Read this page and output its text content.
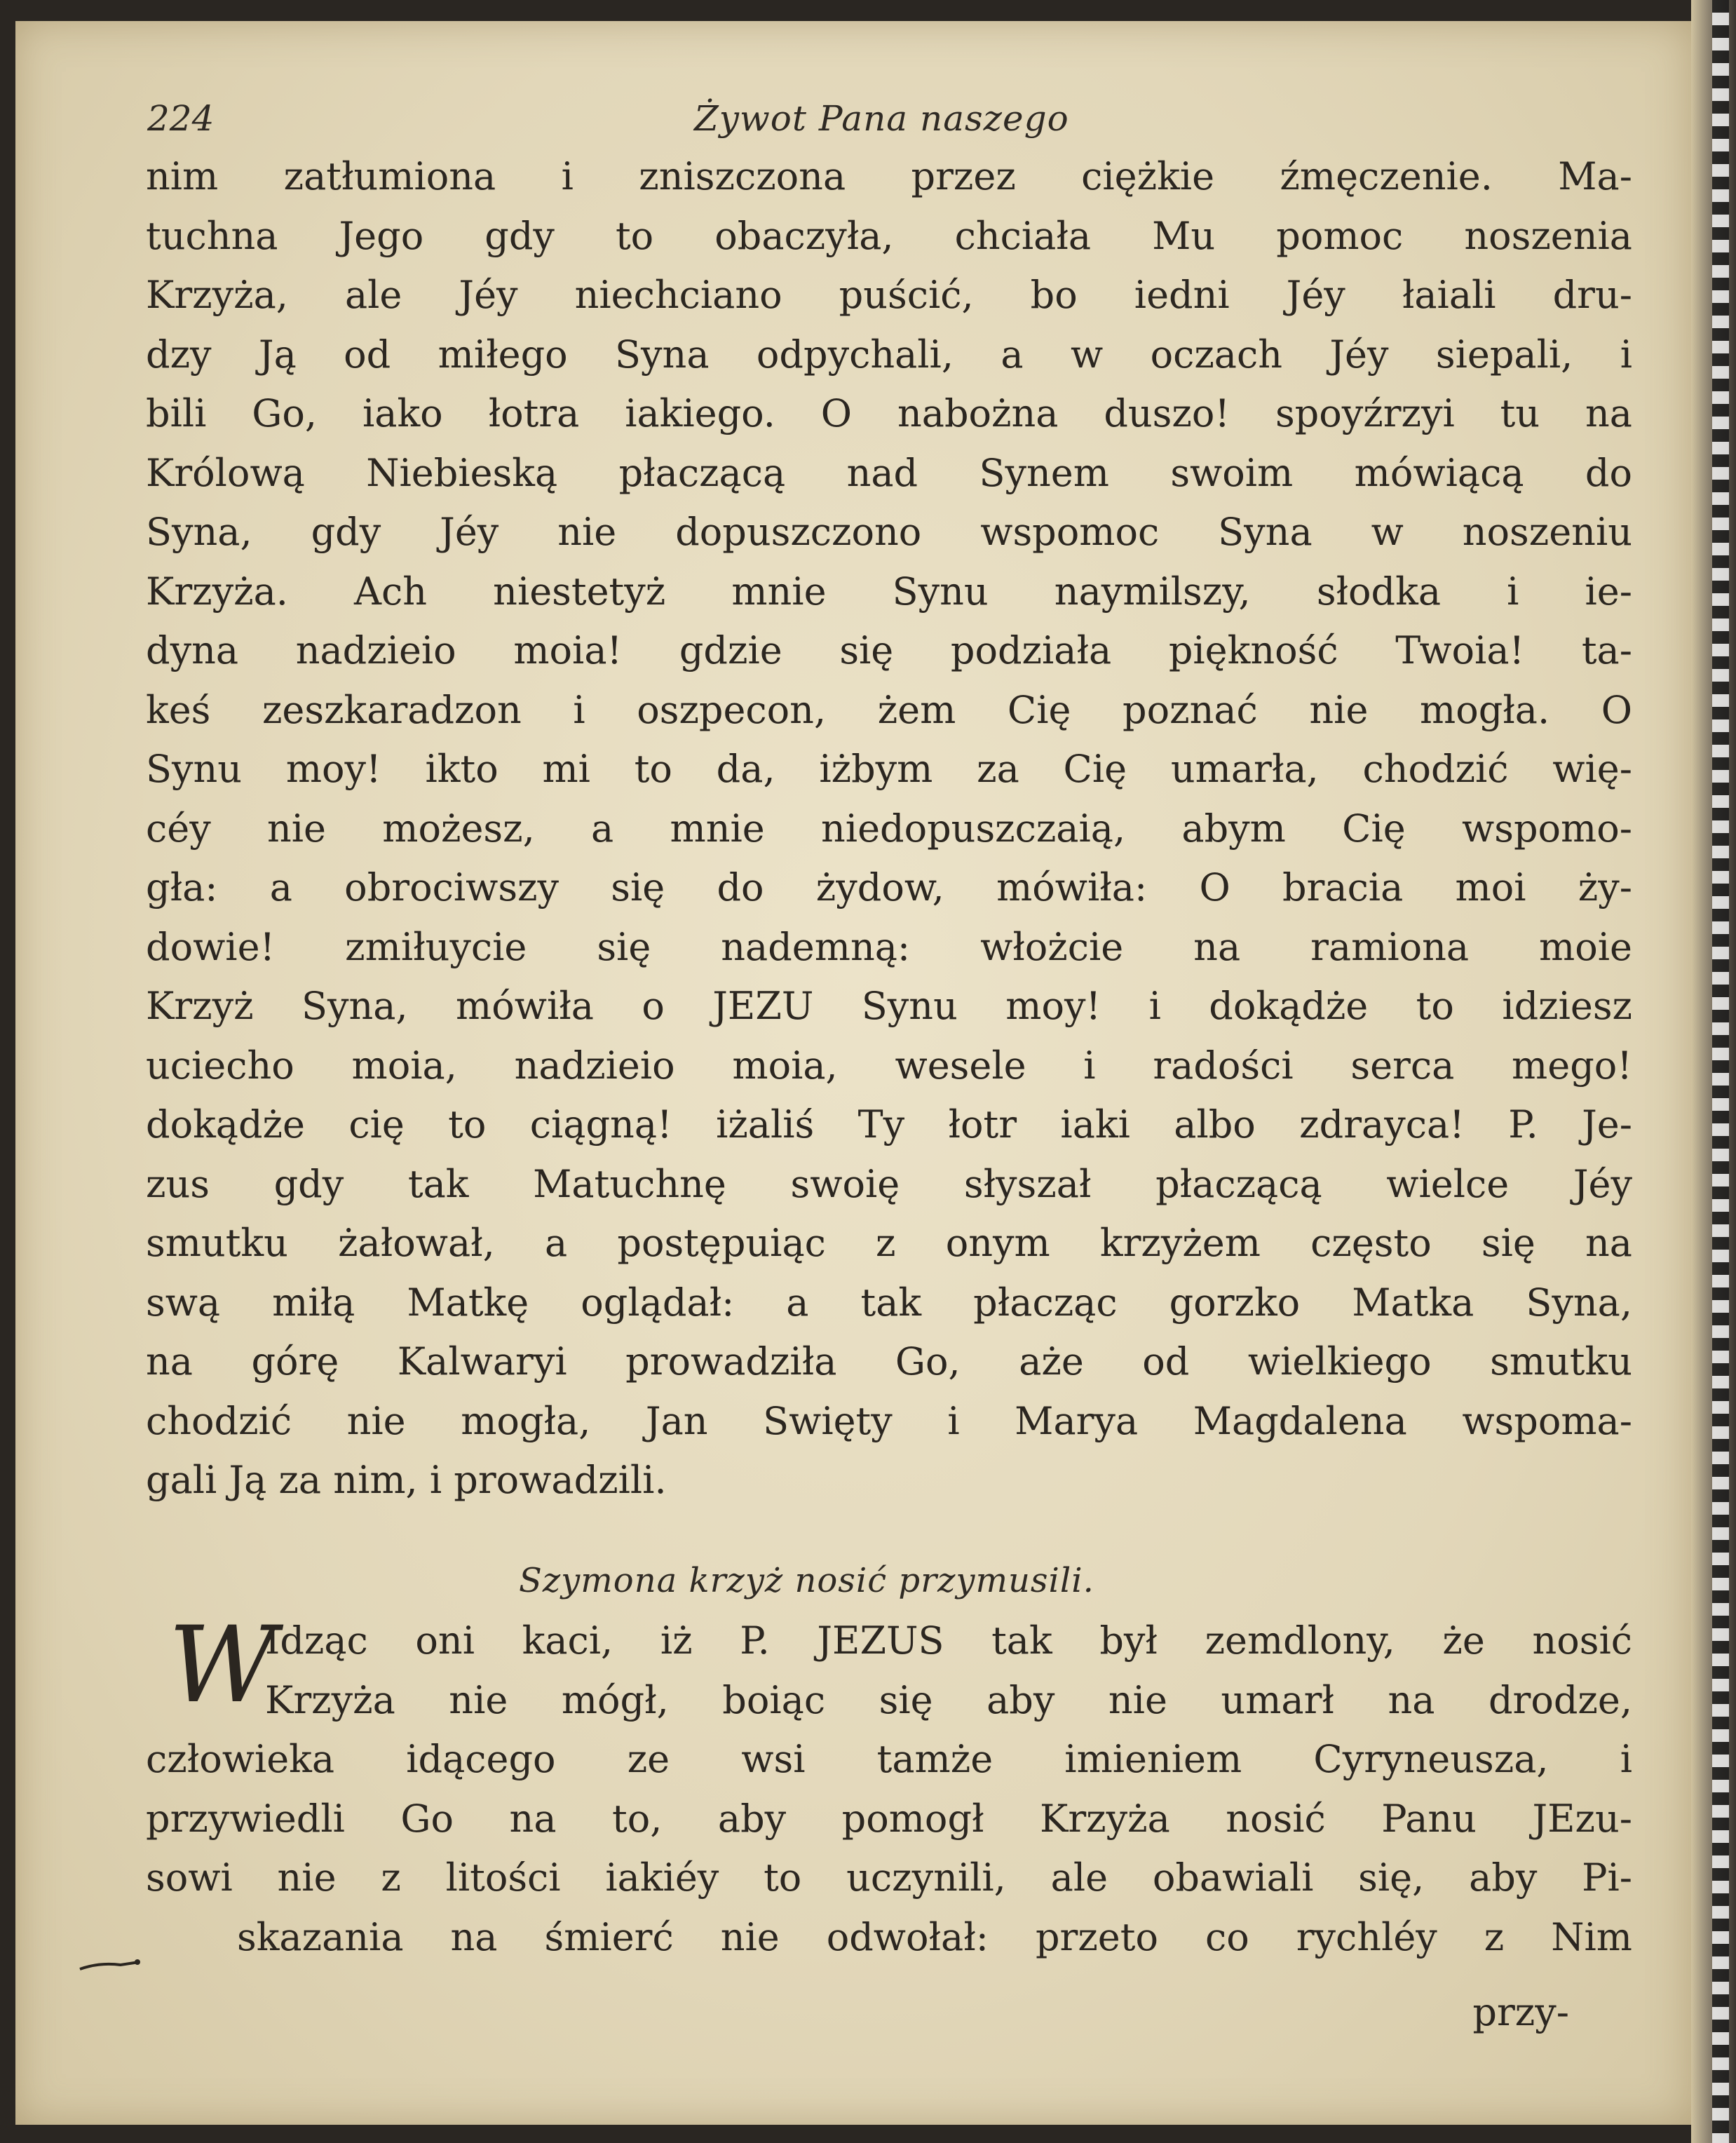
224	Żywot Pana naszego
nim zatłumiona i zniszczona przez ciężkie źmęczenie. Ma-
tuchna Jego gdy to obaczyła, chciała Mu pomoc noszenia
Krzyża, ale Jéy niechciano puścić, bo iedni Jéy łaiali dru-
dzy Ją od miłego Syna odpychali, a w oczach Jéy siepali, i
bili Go, iako łotra iakiego. O nabożna duszo! spoyźrzyi tu na
Królową Niebieską płaczącą nad Synem swoim mówiącą do
Syna, gdy Jéy nie dopuszczono wspomoc Syna w noszeniu
Krzyża. Ach niestetyż mnie Synu naymilszy, słodka i ie-
dyna nadzieio moia! gdzie się podziała piękność Twoia! ta-
keś zeszkaradzon i oszpecon, żem Cię poznać nie mogła. O
Synu moy! ikto mi to da, iżbym za Cię umarła, chodzić wię-
céy nie możesz, a mnie niedopuszczaią, abym Cię wspomo-
gła: a obrociwszy się do żydow, mówiła: O bracia moi ży-
dowie! zmiłuycie się nademną: włożcie na ramiona moie
Krzyż Syna, mówiła o JEZU Synu moy! i dokądże to idziesz
uciecho moia, nadzieio moia, wesele i radości serca mego!
dokądże cię to ciągną! iżaliś Ty łotr iaki albo zdrayca! P. Je-
zus gdy tak Matuchnę swoię słyszał płaczącą wielce Jéy
smutku żałował, a postępuiąc z onym krzyżem często się na
swą miłą Matkę oglądał: a tak płacząc gorzko Matka Syna,
na górę Kalwaryi prowadziła Go, aże od wielkiego smutku
chodzić nie mogła, Jan Swięty i Marya Magdalena wspoma-
gali Ją za nim, i prowadzili.
Szymona krzyż nosić przymusili.
W
Idząc oni kaci, iż P. JEZUS tak był zemdlony, że nosić
Krzyża nie mógł, boiąc się aby nie umarł na drodze,
człowieka idącego ze wsi tamże imieniem Cyryneusza, i
przywiedli Go na to, aby pomogł Krzyża nosić Panu JEzu-
sowi nie z litości iakiéy to uczynili, ale obawiali się, aby Pi-
skazania na śmierć nie odwołał: przeto co rychléy z Nim
przy-
